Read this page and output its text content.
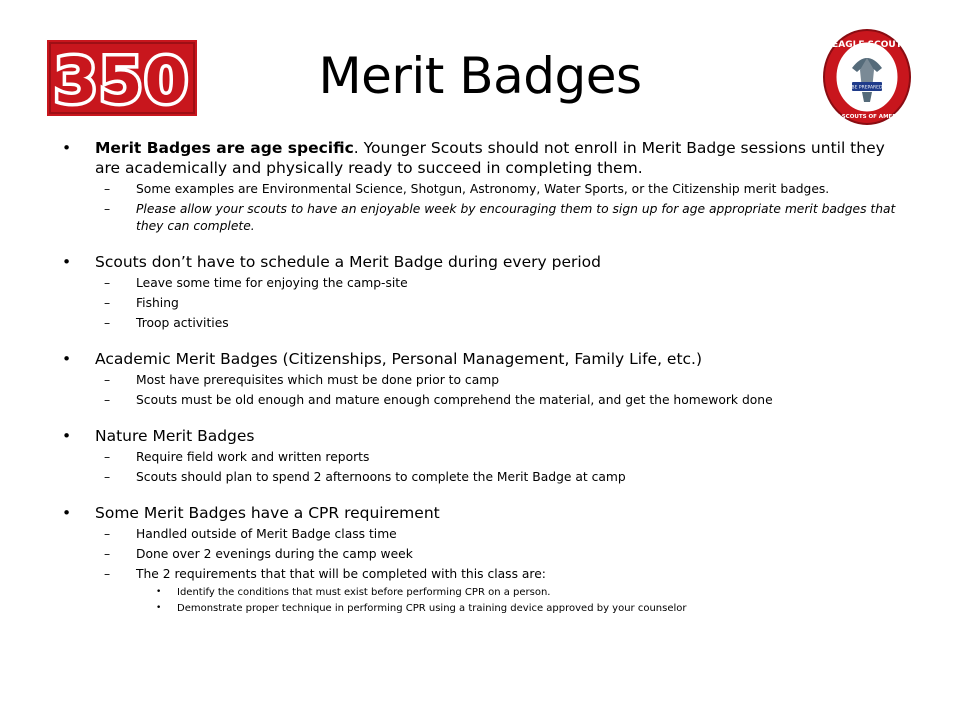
350	EAGLE SCOUT
BOY SCOUTS OF AMERICA
BE PREPARED
Merit Badges
• Merit Badges are age specific. Younger Scouts should not enroll in Merit Badge sessions until they are academically and physically ready to succeed in completing them.
– Some examples are Environmental Science, Shotgun, Astronomy, Water Sports, or the Citizenship merit badges.
– Please allow your scouts to have an enjoyable week by encouraging them to sign up for age appropriate merit badges that they can complete.
• Scouts don’t have to schedule a Merit Badge during every period
– Leave some time for enjoying the camp-site
– Fishing
– Troop activities
• Academic Merit Badges (Citizenships, Personal Management, Family Life, etc.)
– Most have prerequisites which must be done prior to camp
– Scouts must be old enough and mature enough comprehend the material, and get the homework done
• Nature Merit Badges
– Require field work and written reports
– Scouts should plan to spend 2 afternoons to complete the Merit Badge at camp
• Some Merit Badges have a CPR requirement
– Handled outside of Merit Badge class time
– Done over 2 evenings during the camp week
– The 2 requirements that that will be completed with this class are:
• Identify the conditions that must exist before performing CPR on a person.
• Demonstrate proper technique in performing CPR using a training device approved by your counselor
